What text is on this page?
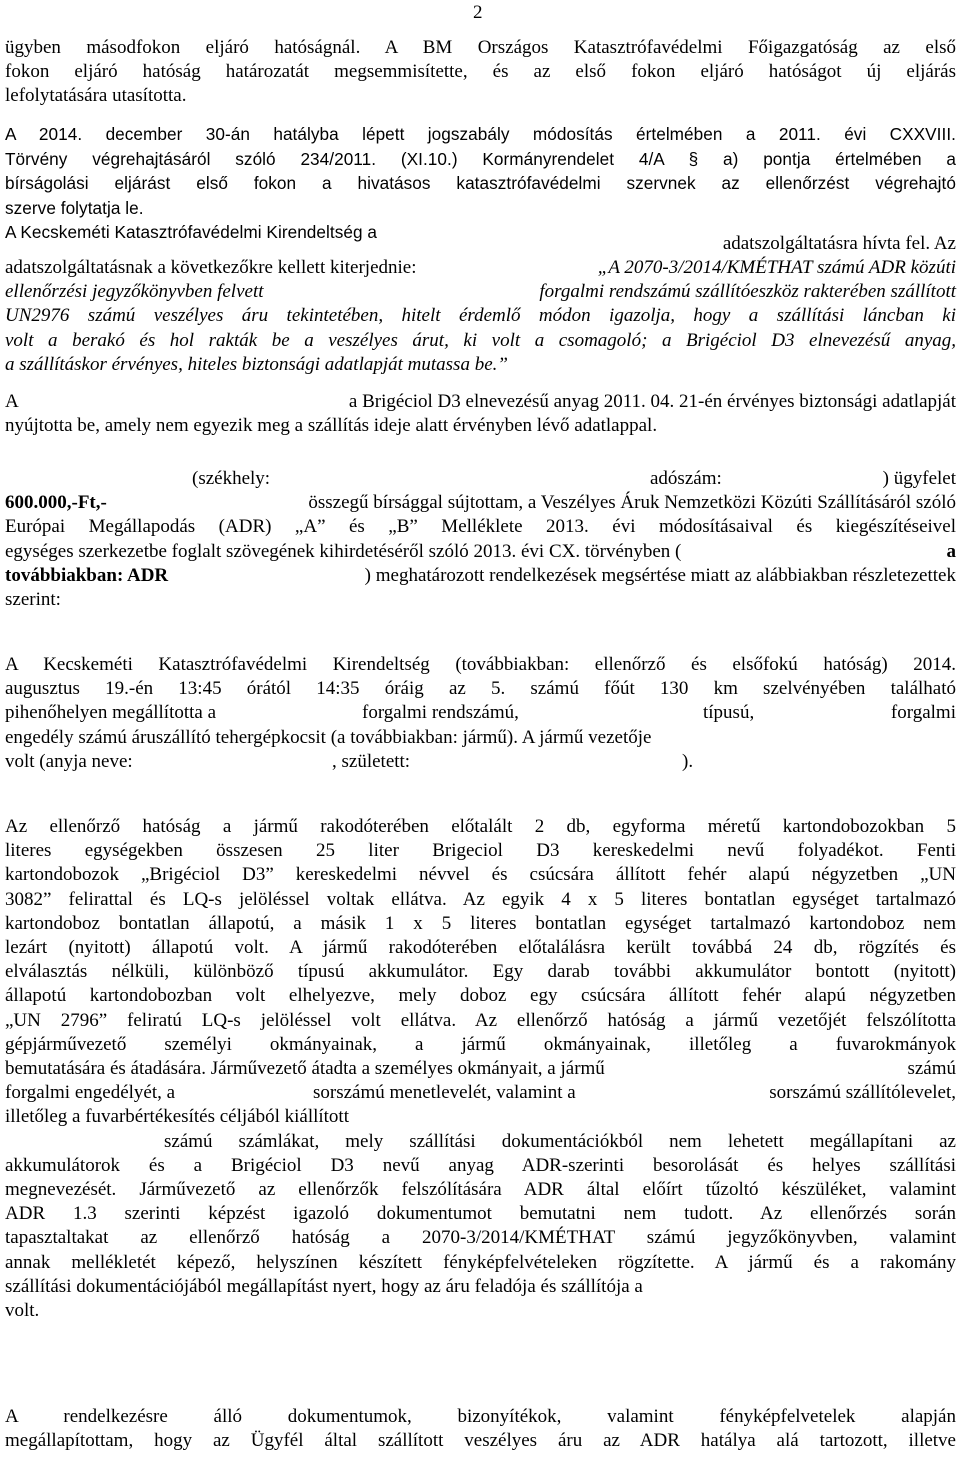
2
ügyben másodfokon eljáró hatóságnál. A BM Országos Katasztrófavédelmi Főigazgatóság az első
fokon eljáró hatóság határozatát megsemmisítette, és az első fokon eljáró hatóságot új eljárás
lefolytatására utasította.
A 2014. december 30-án hatályba lépett jogszabály módosítás értelmében a 2011. évi CXXVIII.
Törvény végrehajtásáról szóló 234/2011. (XI.10.) Kormányrendelet 4/A § a) pontja értelmében a
bírságolási eljárást első fokon a hivatásos katasztrófavédelmi szervnek az ellenőrzést végrehajtó
szerve folytatja le.
A Kecskeméti Katasztrófavédelmi Kirendeltség a
adatszolgáltatásra hívta fel. Az
adatszolgáltatásnak a következőkre kellett kiterjednie:	„A 2070-3/2014/KMÉTHAT számú ADR közúti
ellenőrzési jegyzőkönyvben felvett	forgalmi rendszámú szállítóeszköz rakterében szállított
UN2976 számú veszélyes áru tekintetében, hitelt érdemlő módon igazolja, hogy a szállítási láncban ki
volt a berakó és hol rakták be a veszélyes árut, ki volt a csomagoló; a Brigéciol D3 elnevezésű anyag,
a szállításkor érvényes, hiteles biztonsági adatlapját mutassa be.”
A	a Brigéciol D3 elnevezésű anyag 2011. 04. 21-én érvényes biztonsági adatlapját
nyújtotta be, amely nem egyezik meg a szállítás ideje alatt érvényben lévő adatlappal.
(székhely:	adószám:	) ügyfelet
600.000,-Ft,-	összegű bírsággal sújtottam, a Veszélyes Áruk Nemzetközi Közúti Szállításáról szóló
Európai Megállapodás (ADR) „A” és „B” Melléklete 2013. évi módosításaival és kiegészítéseivel
egységes szerkezetbe foglalt szövegének kihirdetéséről szóló 2013. évi CX. törvényben (	a
továbbiakban: ADR	) meghatározott rendelkezések megsértése miatt az alábbiakban részletezettek
szerint:
A Kecskeméti Katasztrófavédelmi Kirendeltség (továbbiakban: ellenőrző és elsőfokú hatóság) 2014.
augusztus 19.-én 13:45 órától 14:35 óráig az 5. számú főút 130 km szelvényében található
pihenőhelyen megállította a	forgalmi rendszámú,	típusú,	forgalmi
engedély számú áruszállító tehergépkocsit (a továbbiakban: jármű). A jármű vezetője
volt (anyja neve:	, született:	).
Az ellenőrző hatóság a jármű rakodóterében előtalált 2 db, egyforma méretű kartondobozokban 5
literes egységekben összesen 25 liter Brigeciol D3 kereskedelmi nevű folyadékot. Fenti
kartondobozok „Brigéciol D3” kereskedelmi névvel és csúcsára állított fehér alapú négyzetben „UN
3082” felirattal és LQ-s jelöléssel voltak ellátva. Az egyik 4 x 5 literes bontatlan egységet tartalmazó
kartondoboz bontatlan állapotú, a másik 1 x 5 literes bontatlan egységet tartalmazó kartondoboz nem
lezárt (nyitott) állapotú volt. A jármű rakodóterében előtalálásra került továbbá 24 db, rögzítés és
elválasztás nélküli, különböző típusú akkumulátor. Egy darab további akkumulátor bontott (nyitott)
állapotú kartondobozban volt elhelyezve, mely doboz egy csúcsára állított fehér alapú négyzetben
„UN 2796” feliratú LQ-s jelöléssel volt ellátva. Az ellenőrző hatóság a jármű vezetőjét felszólította
gépjárművezető személyi okmányainak, a jármű okmányainak, illetőleg a fuvarokmányok
bemutatására és átadására. Járművezető átadta a személyes okmányait, a jármű	számú
forgalmi engedélyét, a	sorszámú menetlevelét, valamint a	sorszámú szállítólevelet,
illetőleg a fuvarbértékesítés céljából kiállított
számú számlákat, mely szállítási dokumentációkból nem lehetett megállapítani az
akkumulátorok és a Brigéciol D3 nevű anyag ADR-szerinti besorolását és helyes szállítási
megnevezését. Járművezető az ellenőrzők felszólítására ADR által előírt tűzoltó készüléket, valamint
ADR 1.3 szerinti képzést igazoló dokumentumot bemutatni nem tudott. Az ellenőrzés során
tapasztaltakat az ellenőrző hatóság a 2070-3/2014/KMÉTHAT számú jegyzőkönyvben, valamint
annak mellékletét képező, helyszínen készített fényképfelvételeken rögzítette. A jármű és a rakomány
szállítási dokumentációjából megállapítást nyert, hogy az áru feladója és szállítója a
volt.
A rendelkezésre álló dokumentumok, bizonyítékok, valamint fényképfelvetelek alapján
megállapítottam, hogy az Ügyfél által szállított veszélyes áru az ADR hatálya alá tartozott, illetve
